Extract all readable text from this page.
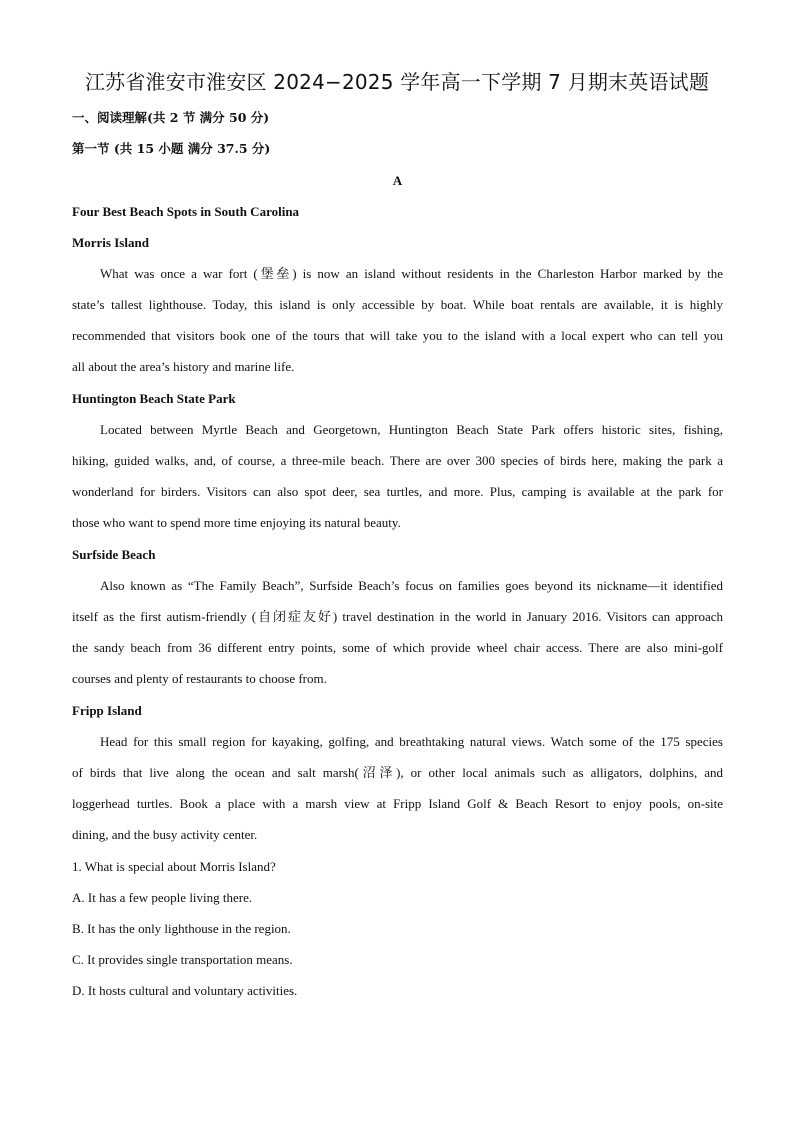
江苏省淮安市淮安区 2024−2025 学年高一下学期 7 月期末英语试题
一、阅读理解(共 2 节 满分 50 分)
第一节 (共 15 小题 满分 37.5 分)
A
Four Best Beach Spots in South Carolina
Morris Island
What was once a war fort (堡垒) is now an island without residents in the Charleston Harbor marked by the
state’s tallest lighthouse. Today, this island is only accessible by boat. While boat rentals are available, it is highly
recommended that visitors book one of the tours that will take you to the island with a local expert who can tell you
all about the area’s history and marine life.
Huntington Beach State Park
Located between Myrtle Beach and Georgetown, Huntington Beach State Park offers historic sites, fishing,
hiking, guided walks, and, of course, a three-mile beach. There are over 300 species of birds here, making the park a
wonderland for birders. Visitors can also spot deer, sea turtles, and more. Plus, camping is available at the park for
those who want to spend more time enjoying its natural beauty.
Surfside Beach
Also known as “The Family Beach”, Surfside Beach’s focus on families goes beyond its nickname—it identified
itself as the first autism-friendly (自闭症友好) travel destination in the world in January 2016. Visitors can approach
the sandy beach from 36 different entry points, some of which provide wheel chair access. There are also mini-golf
courses and plenty of restaurants to choose from.
Fripp Island
Head for this small region for kayaking, golfing, and breathtaking natural views. Watch some of the 175 species
of birds that live along the ocean and salt marsh(沼泽), or other local animals such as alligators, dolphins, and
loggerhead turtles. Book a place with a marsh view at Fripp Island Golf & Beach Resort to enjoy pools, on-site
dining, and the busy activity center.
1. What is special about Morris Island?
A. It has a few people living there.
B. It has the only lighthouse in the region.
C. It provides single transportation means.
D. It hosts cultural and voluntary activities.
